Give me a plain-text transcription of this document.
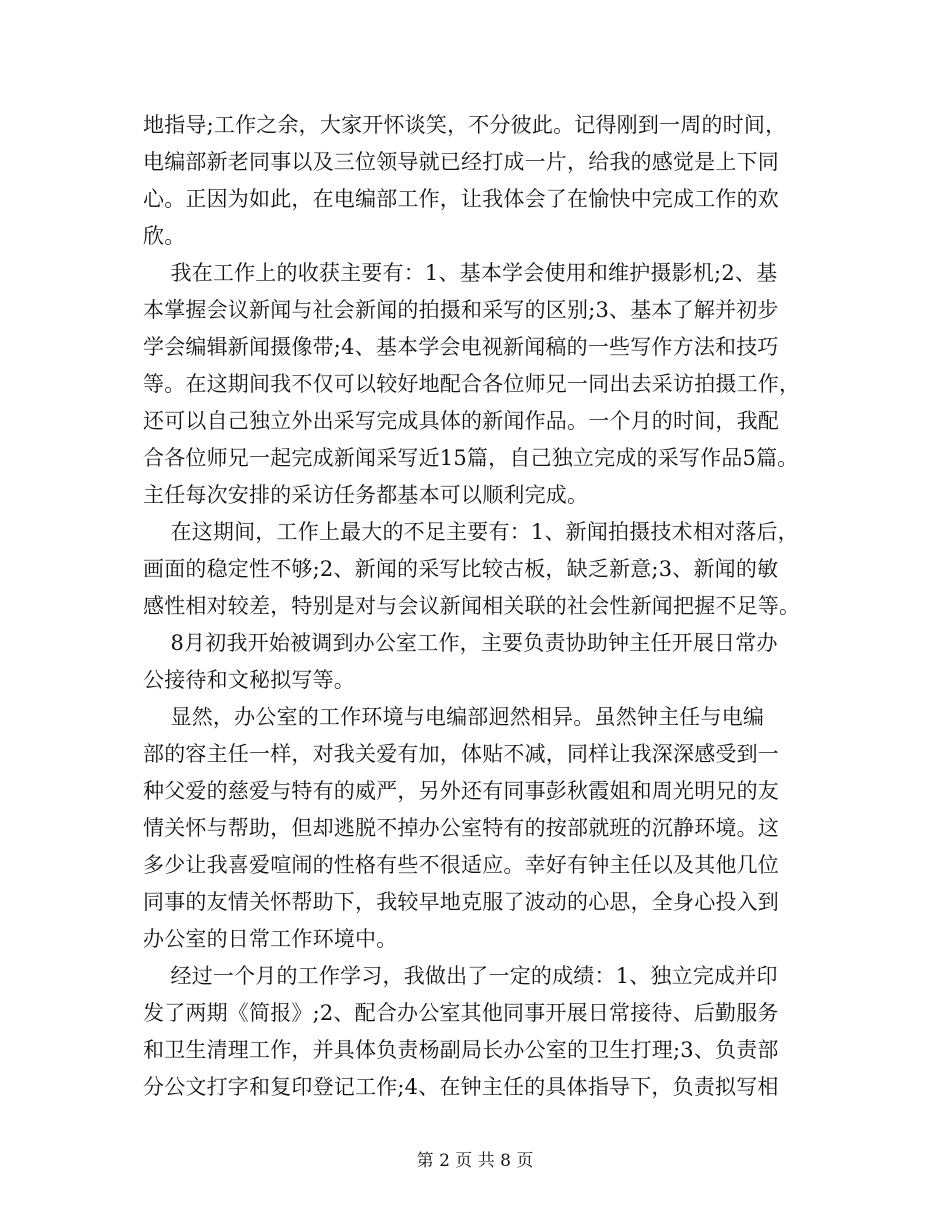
地指导;工作之余，大家开怀谈笑，不分彼此。记得刚到一周的时间，
电编部新老同事以及三位领导就已经打成一片，给我的感觉是上下同
心。正因为如此，在电编部工作，让我体会了在愉快中完成工作的欢
欣。
我在工作上的收获主要有：1、基本学会使用和维护摄影机;2、基
本掌握会议新闻与社会新闻的拍摄和采写的区别;3、基本了解并初步
学会编辑新闻摄像带;4、基本学会电视新闻稿的一些写作方法和技巧
等。在这期间我不仅可以较好地配合各位师兄一同出去采访拍摄工作，
还可以自己独立外出采写完成具体的新闻作品。一个月的时间，我配
合各位师兄一起完成新闻采写近15篇，自己独立完成的采写作品5篇。
主任每次安排的采访任务都基本可以顺利完成。
在这期间，工作上最大的不足主要有：1、新闻拍摄技术相对落后，
画面的稳定性不够;2、新闻的采写比较古板，缺乏新意;3、新闻的敏
感性相对较差，特别是对与会议新闻相关联的社会性新闻把握不足等。
8月初我开始被调到办公室工作，主要负责协助钟主任开展日常办
公接待和文秘拟写等。
显然，办公室的工作环境与电编部迥然相异。虽然钟主任与电编
部的容主任一样，对我关爱有加，体贴不减，同样让我深深感受到一
种父爱的慈爱与特有的威严，另外还有同事彭秋霞姐和周光明兄的友
情关怀与帮助，但却逃脱不掉办公室特有的按部就班的沉静环境。这
多少让我喜爱喧闹的性格有些不很适应。幸好有钟主任以及其他几位
同事的友情关怀帮助下，我较早地克服了波动的心思，全身心投入到
办公室的日常工作环境中。
经过一个月的工作学习，我做出了一定的成绩：1、独立完成并印
发了两期《简报》;2、配合办公室其他同事开展日常接待、后勤服务
和卫生清理工作，并具体负责杨副局长办公室的卫生打理;3、负责部
分公文打字和复印登记工作;4、在钟主任的具体指导下，负责拟写相
第 2 页 共 8 页
